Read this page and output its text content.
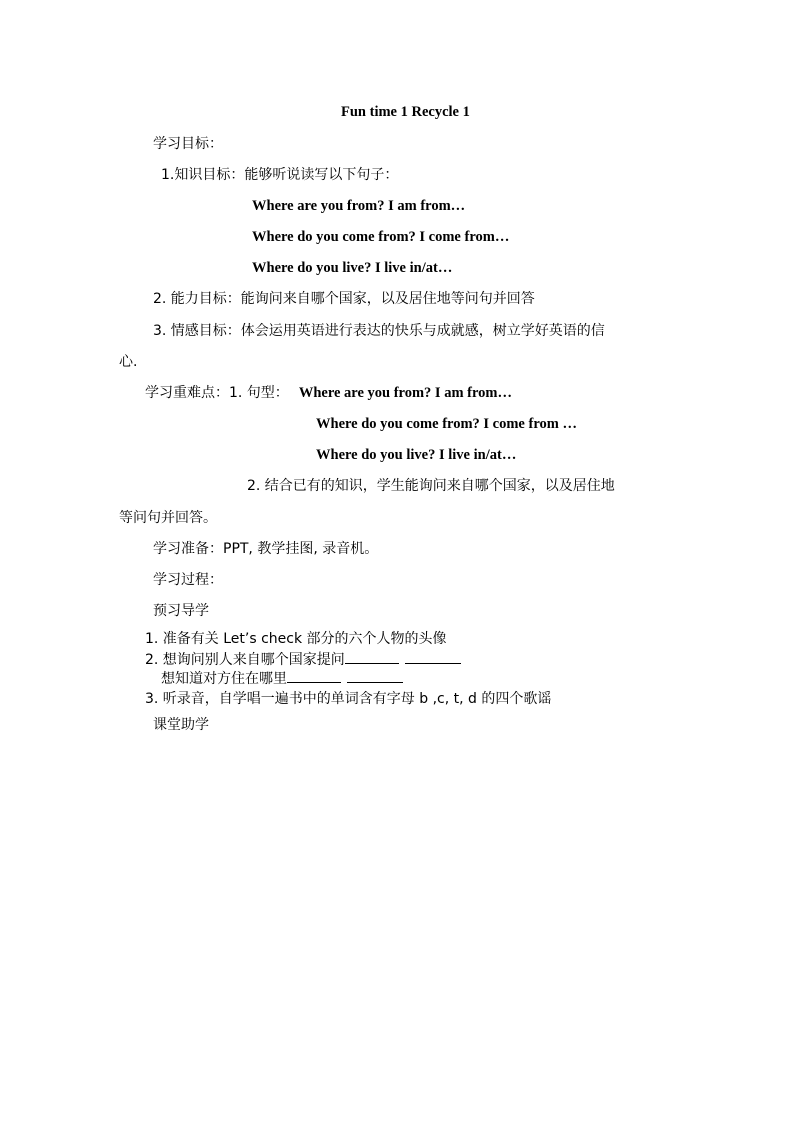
Fun time 1 Recycle 1
学习目标：
1.知识目标：能够听说读写以下句子：
Where are you from? I am from…
Where do you come from? I come from…
Where do you live? I live in/at…
2. 能力目标：能询问来自哪个国家，以及居住地等问句并回答
3. 情感目标：体会运用英语进行表达的快乐与成就感，树立学好英语的信
心.
学习重难点：1. 句型： Where are you from? I am from…
Where do you come from? I come from …
Where do you live? I live in/at…
2. 结合已有的知识，学生能询问来自哪个国家，以及居住地
等问句并回答。
学习准备：PPT, 教学挂图, 录音机。
学习过程：
预习导学
1. 准备有关 Let’s check 部分的六个人物的头像
2. 想询问别人来自哪个国家提问
想知道对方住在哪里
3. 听录音，自学唱一遍书中的单词含有字母 b ,c, t, d 的四个歌谣
课堂助学
